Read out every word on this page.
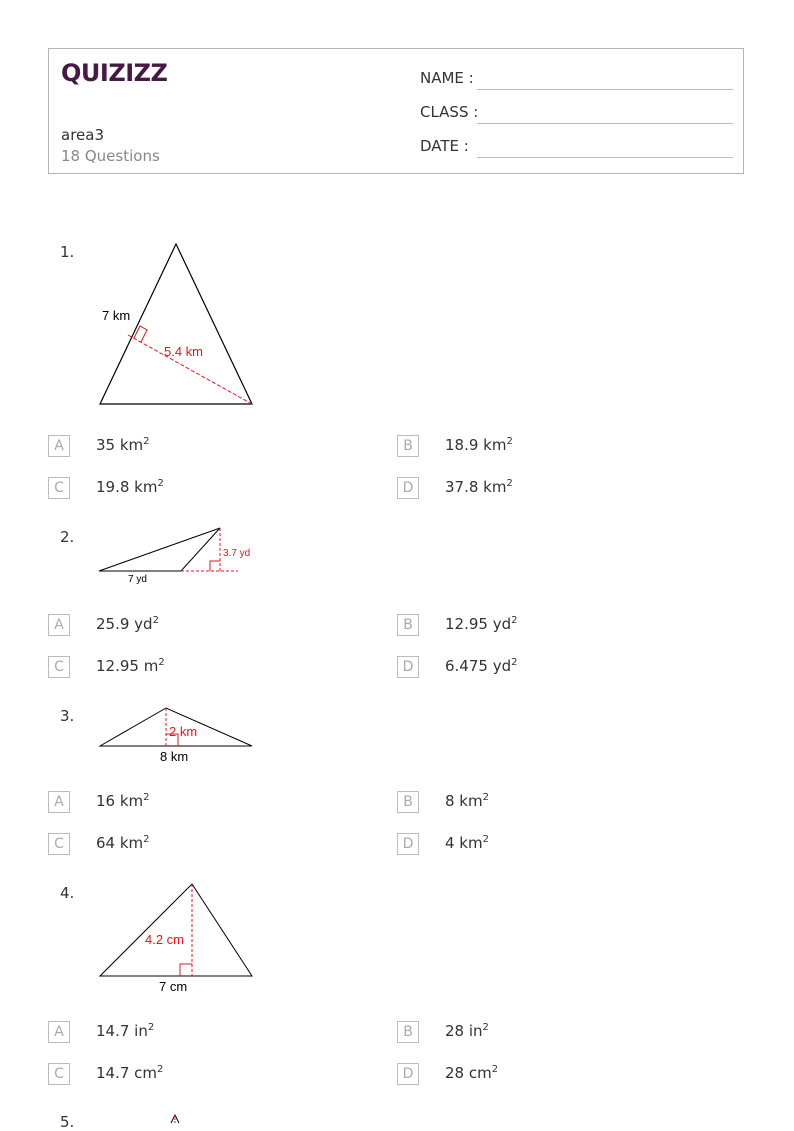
QUIZIZZ
area3
18 Questions
NAME :
CLASS :
DATE :
1.
7 km
5.4 km
A	35 $km^2$	B	18.9 $km^2$
C	19.8 $km^2$	D	37.8 $km^2$
2.
7 yd
3.7 yd
A	25.9 $yd^2$	B	12.95 $yd^2$
C	12.95 $m^2$	D	6.475 $yd^2$
3.
2 km
8 km
A	16 $km^2$	B	8 $km^2$
C	64 $km^2$	D	4 $km^2$
4.
4.2 cm
7 cm
A	14.7 $in^2$	B	28 $in^2$
C	14.7 $cm^2$	D	28 $cm^2$
5.
